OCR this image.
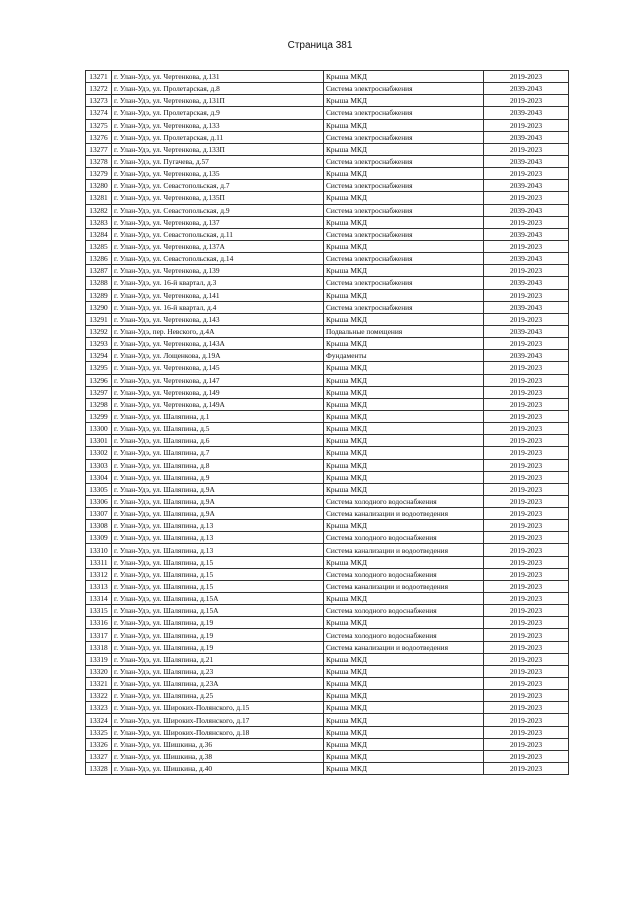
Страница 381
13271	г. Улан-Удэ, ул. Чертенкова, д.131	Крыша МКД	2019-2023
13272	г. Улан-Удэ, ул. Пролетарская, д.8	Система электроснабжения	2039-2043
13273	г. Улан-Удэ, ул. Чертенкова, д.131П	Крыша МКД	2019-2023
13274	г. Улан-Удэ, ул. Пролетарская, д.9	Система электроснабжения	2039-2043
13275	г. Улан-Удэ, ул. Чертенкова, д.133	Крыша МКД	2019-2023
13276	г. Улан-Удэ, ул. Пролетарская, д.11	Система электроснабжения	2039-2043
13277	г. Улан-Удэ, ул. Чертенкова, д.133П	Крыша МКД	2019-2023
13278	г. Улан-Удэ, ул. Пугачева, д.57	Система электроснабжения	2039-2043
13279	г. Улан-Удэ, ул. Чертенкова, д.135	Крыша МКД	2019-2023
13280	г. Улан-Удэ, ул. Севастопольская, д.7	Система электроснабжения	2039-2043
13281	г. Улан-Удэ, ул. Чертенкова, д.135П	Крыша МКД	2019-2023
13282	г. Улан-Удэ, ул. Севастопольская, д.9	Система электроснабжения	2039-2043
13283	г. Улан-Удэ, ул. Чертенкова, д.137	Крыша МКД	2019-2023
13284	г. Улан-Удэ, ул. Севастопольская, д.11	Система электроснабжения	2039-2043
13285	г. Улан-Удэ, ул. Чертенкова, д.137А	Крыша МКД	2019-2023
13286	г. Улан-Удэ, ул. Севастопольская, д.14	Система электроснабжения	2039-2043
13287	г. Улан-Удэ, ул. Чертенкова, д.139	Крыша МКД	2019-2023
13288	г. Улан-Удэ, ул. 16-й квартал, д.3	Система электроснабжения	2039-2043
13289	г. Улан-Удэ, ул. Чертенкова, д.141	Крыша МКД	2019-2023
13290	г. Улан-Удэ, ул. 16-й квартал, д.4	Система электроснабжения	2039-2043
13291	г. Улан-Удэ, ул. Чертенкова, д.143	Крыша МКД	2019-2023
13292	г. Улан-Удэ, пер. Невского, д.4А	Подвальные помещения	2039-2043
13293	г. Улан-Удэ, ул. Чертенкова, д.143А	Крыша МКД	2019-2023
13294	г. Улан-Удэ, ул. Лощенкова, д.19А	Фундаменты	2039-2043
13295	г. Улан-Удэ, ул. Чертенкова, д.145	Крыша МКД	2019-2023
13296	г. Улан-Удэ, ул. Чертенкова, д.147	Крыша МКД	2019-2023
13297	г. Улан-Удэ, ул. Чертенкова, д.149	Крыша МКД	2019-2023
13298	г. Улан-Удэ, ул. Чертенкова, д.149А	Крыша МКД	2019-2023
13299	г. Улан-Удэ, ул. Шаляпина, д.1	Крыша МКД	2019-2023
13300	г. Улан-Удэ, ул. Шаляпина, д.5	Крыша МКД	2019-2023
13301	г. Улан-Удэ, ул. Шаляпина, д.6	Крыша МКД	2019-2023
13302	г. Улан-Удэ, ул. Шаляпина, д.7	Крыша МКД	2019-2023
13303	г. Улан-Удэ, ул. Шаляпина, д.8	Крыша МКД	2019-2023
13304	г. Улан-Удэ, ул. Шаляпина, д.9	Крыша МКД	2019-2023
13305	г. Улан-Удэ, ул. Шаляпина, д.9А	Крыша МКД	2019-2023
13306	г. Улан-Удэ, ул. Шаляпина, д.9А	Система холодного водоснабжения	2019-2023
13307	г. Улан-Удэ, ул. Шаляпина, д.9А	Система канализации и водоотведения	2019-2023
13308	г. Улан-Удэ, ул. Шаляпина, д.13	Крыша МКД	2019-2023
13309	г. Улан-Удэ, ул. Шаляпина, д.13	Система холодного водоснабжения	2019-2023
13310	г. Улан-Удэ, ул. Шаляпина, д.13	Система канализации и водоотведения	2019-2023
13311	г. Улан-Удэ, ул. Шаляпина, д.15	Крыша МКД	2019-2023
13312	г. Улан-Удэ, ул. Шаляпина, д.15	Система холодного водоснабжения	2019-2023
13313	г. Улан-Удэ, ул. Шаляпина, д.15	Система канализации и водоотведения	2019-2023
13314	г. Улан-Удэ, ул. Шаляпина, д.15А	Крыша МКД	2019-2023
13315	г. Улан-Удэ, ул. Шаляпина, д.15А	Система холодного водоснабжения	2019-2023
13316	г. Улан-Удэ, ул. Шаляпина, д.19	Крыша МКД	2019-2023
13317	г. Улан-Удэ, ул. Шаляпина, д.19	Система холодного водоснабжения	2019-2023
13318	г. Улан-Удэ, ул. Шаляпина, д.19	Система канализации и водоотведения	2019-2023
13319	г. Улан-Удэ, ул. Шаляпина, д.21	Крыша МКД	2019-2023
13320	г. Улан-Удэ, ул. Шаляпина, д.23	Крыша МКД	2019-2023
13321	г. Улан-Удэ, ул. Шаляпина, д.23А	Крыша МКД	2019-2023
13322	г. Улан-Удэ, ул. Шаляпина, д.25	Крыша МКД	2019-2023
13323	г. Улан-Удэ, ул. Широких-Полянского, д.15	Крыша МКД	2019-2023
13324	г. Улан-Удэ, ул. Широких-Полянского, д.17	Крыша МКД	2019-2023
13325	г. Улан-Удэ, ул. Широких-Полянского, д.18	Крыша МКД	2019-2023
13326	г. Улан-Удэ, ул. Шишкина, д.36	Крыша МКД	2019-2023
13327	г. Улан-Удэ, ул. Шишкина, д.38	Крыша МКД	2019-2023
13328	г. Улан-Удэ, ул. Шишкина, д.40	Крыша МКД	2019-2023
